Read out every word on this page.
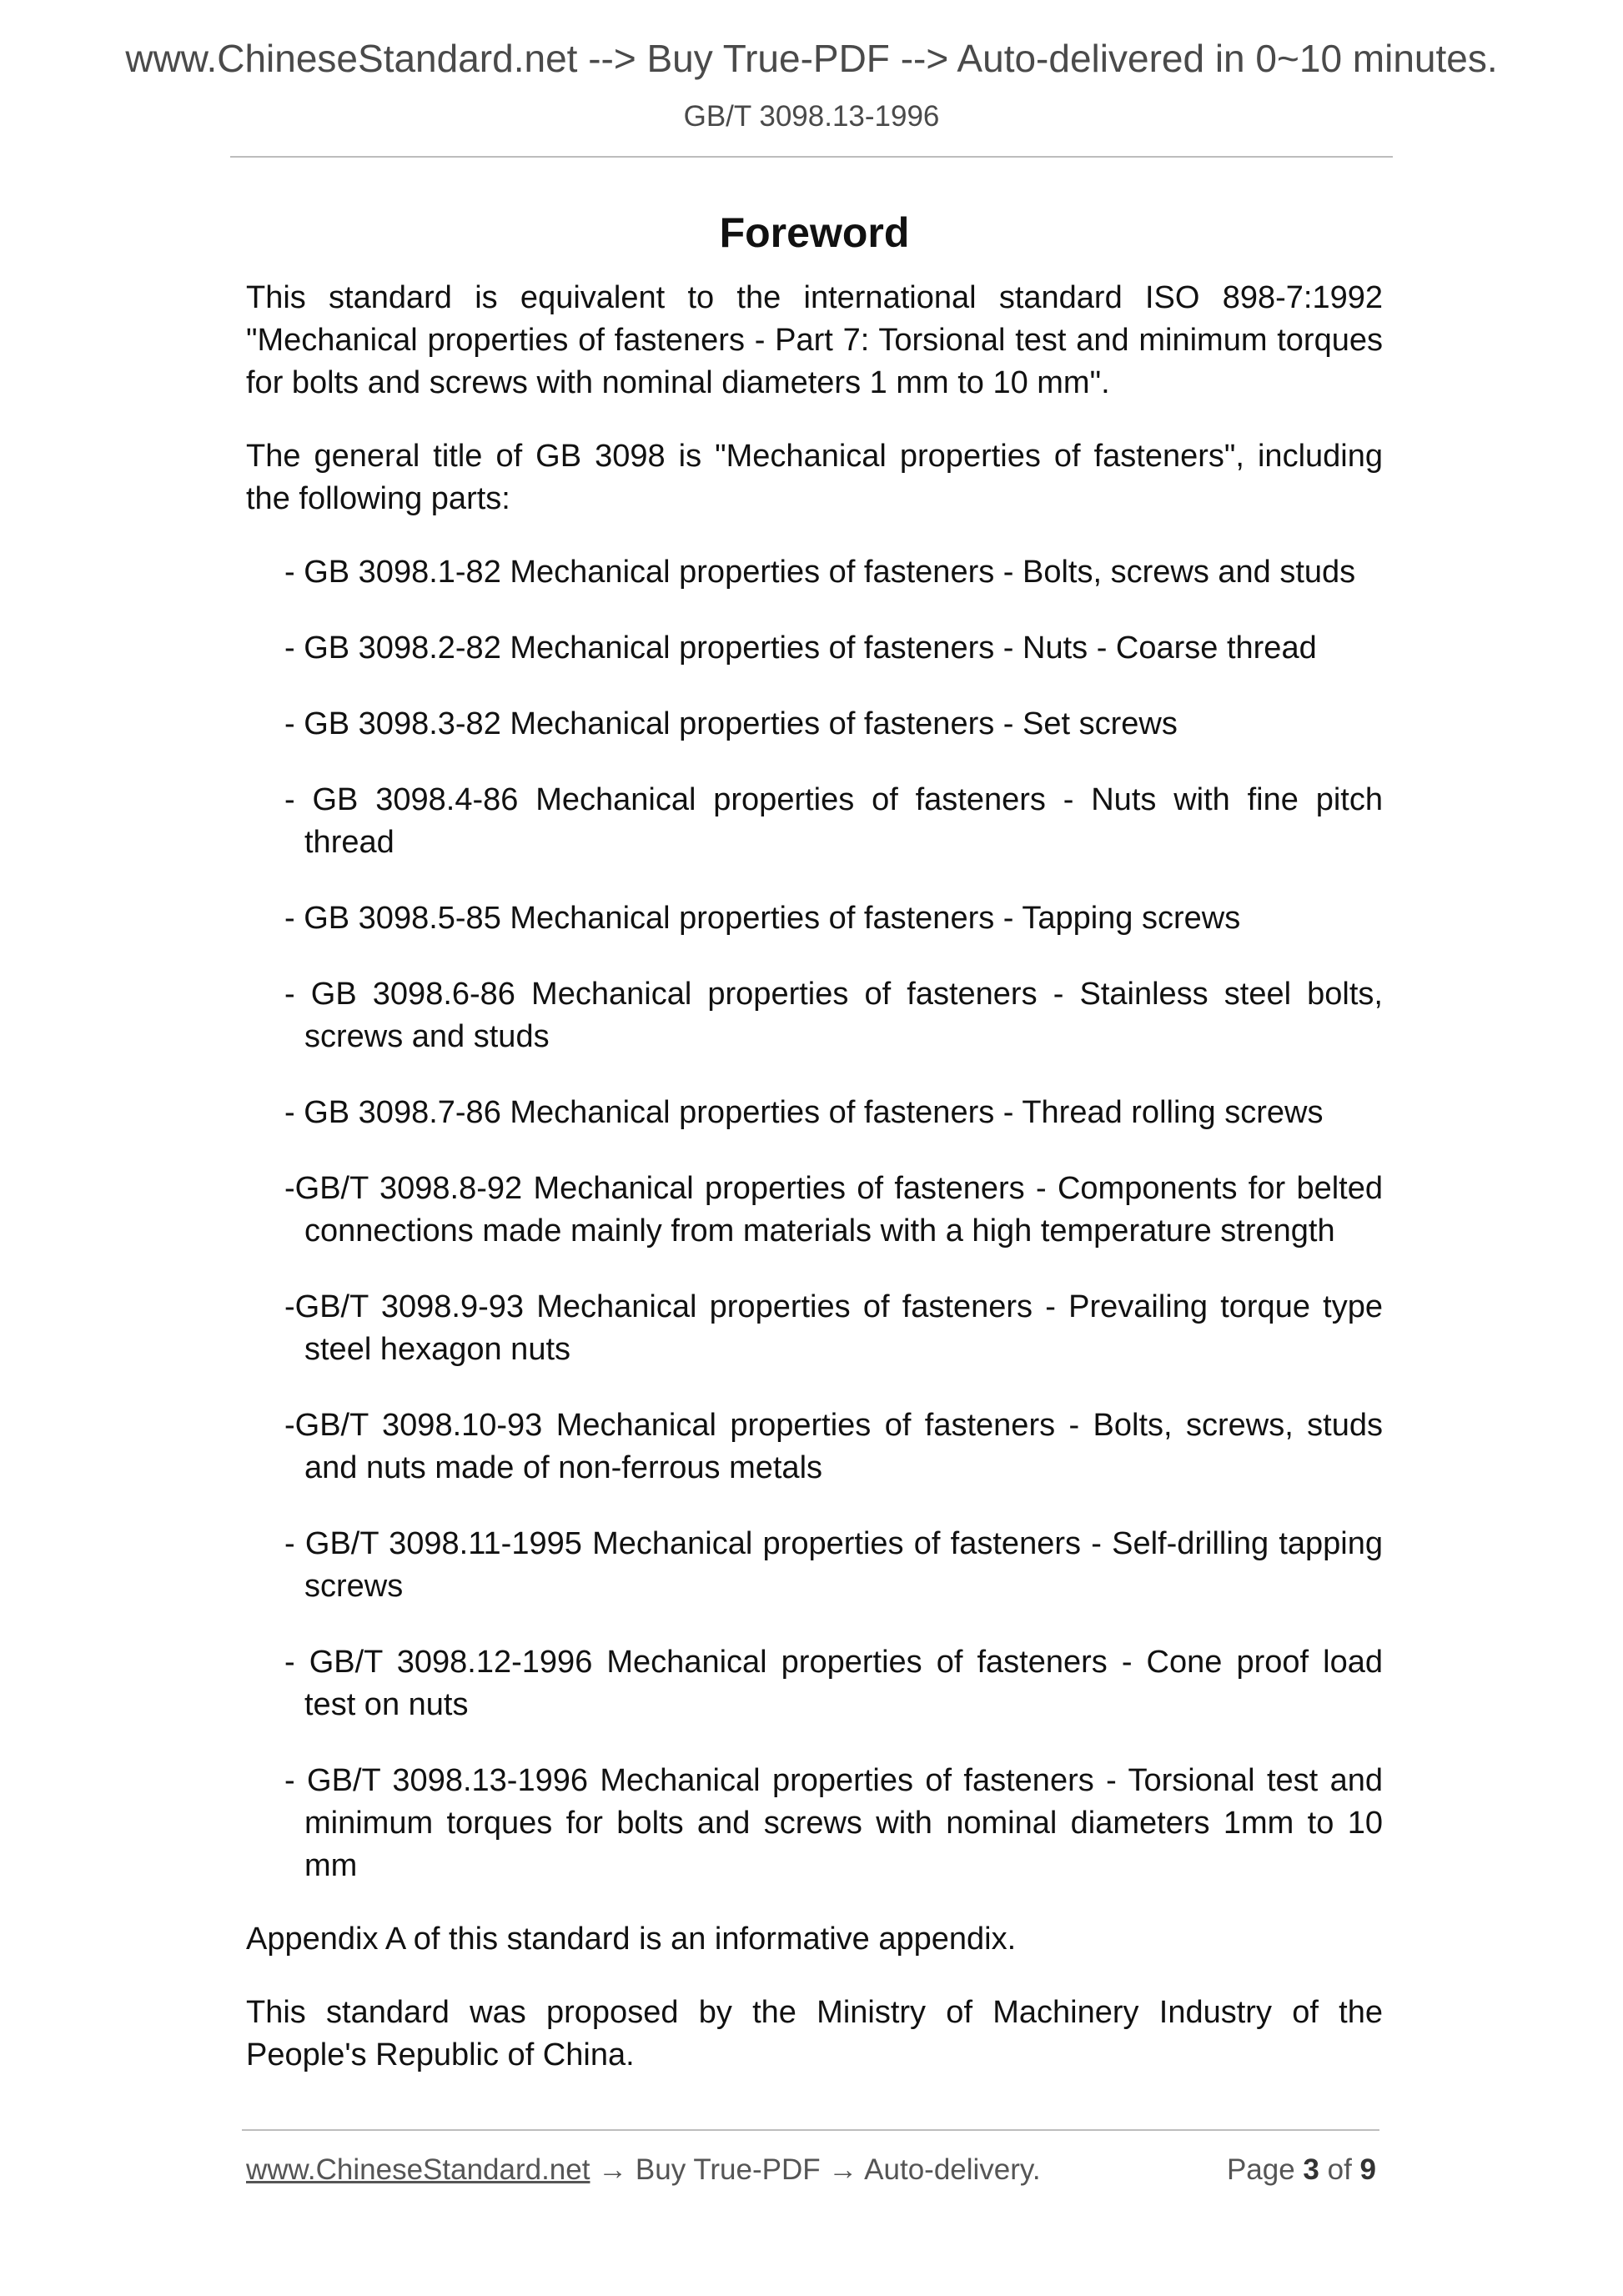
www.ChineseStandard.net --> Buy True-PDF --> Auto-delivered in 0~10 minutes.
GB/T 3098.13-1996
Foreword

This standard is equivalent to the international standard ISO 898-7:1992 "Mechanical properties of fasteners - Part 7: Torsional test and minimum torques for bolts and screws with nominal diameters 1 mm to 10 mm".

The general title of GB 3098 is "Mechanical properties of fasteners", including the following parts:

- GB 3098.1-82 Mechanical properties of fasteners - Bolts, screws and studs
- GB 3098.2-82 Mechanical properties of fasteners - Nuts - Coarse thread
- GB 3098.3-82 Mechanical properties of fasteners - Set screws
- GB 3098.4-86 Mechanical properties of fasteners - Nuts with fine pitch thread
- GB 3098.5-85 Mechanical properties of fasteners - Tapping screws
- GB 3098.6-86 Mechanical properties of fasteners - Stainless steel bolts, screws and studs
- GB 3098.7-86 Mechanical properties of fasteners - Thread rolling screws
-GB/T 3098.8-92 Mechanical properties of fasteners - Components for belted connections made mainly from materials with a high temperature strength
-GB/T 3098.9-93 Mechanical properties of fasteners - Prevailing torque type steel hexagon nuts
-GB/T 3098.10-93 Mechanical properties of fasteners - Bolts, screws, studs and nuts made of non-ferrous metals
- GB/T 3098.11-1995 Mechanical properties of fasteners - Self-drilling tapping screws
- GB/T 3098.12-1996 Mechanical properties of fasteners - Cone proof load test on nuts
- GB/T 3098.13-1996 Mechanical properties of fasteners - Torsional test and minimum torques for bolts and screws with nominal diameters 1mm to 10 mm

Appendix A of this standard is an informative appendix.

This standard was proposed by the Ministry of Machinery Industry of the People's Republic of China.

www.ChineseStandard.net → Buy True-PDF → Auto-delivery.	Page 3 of 9
